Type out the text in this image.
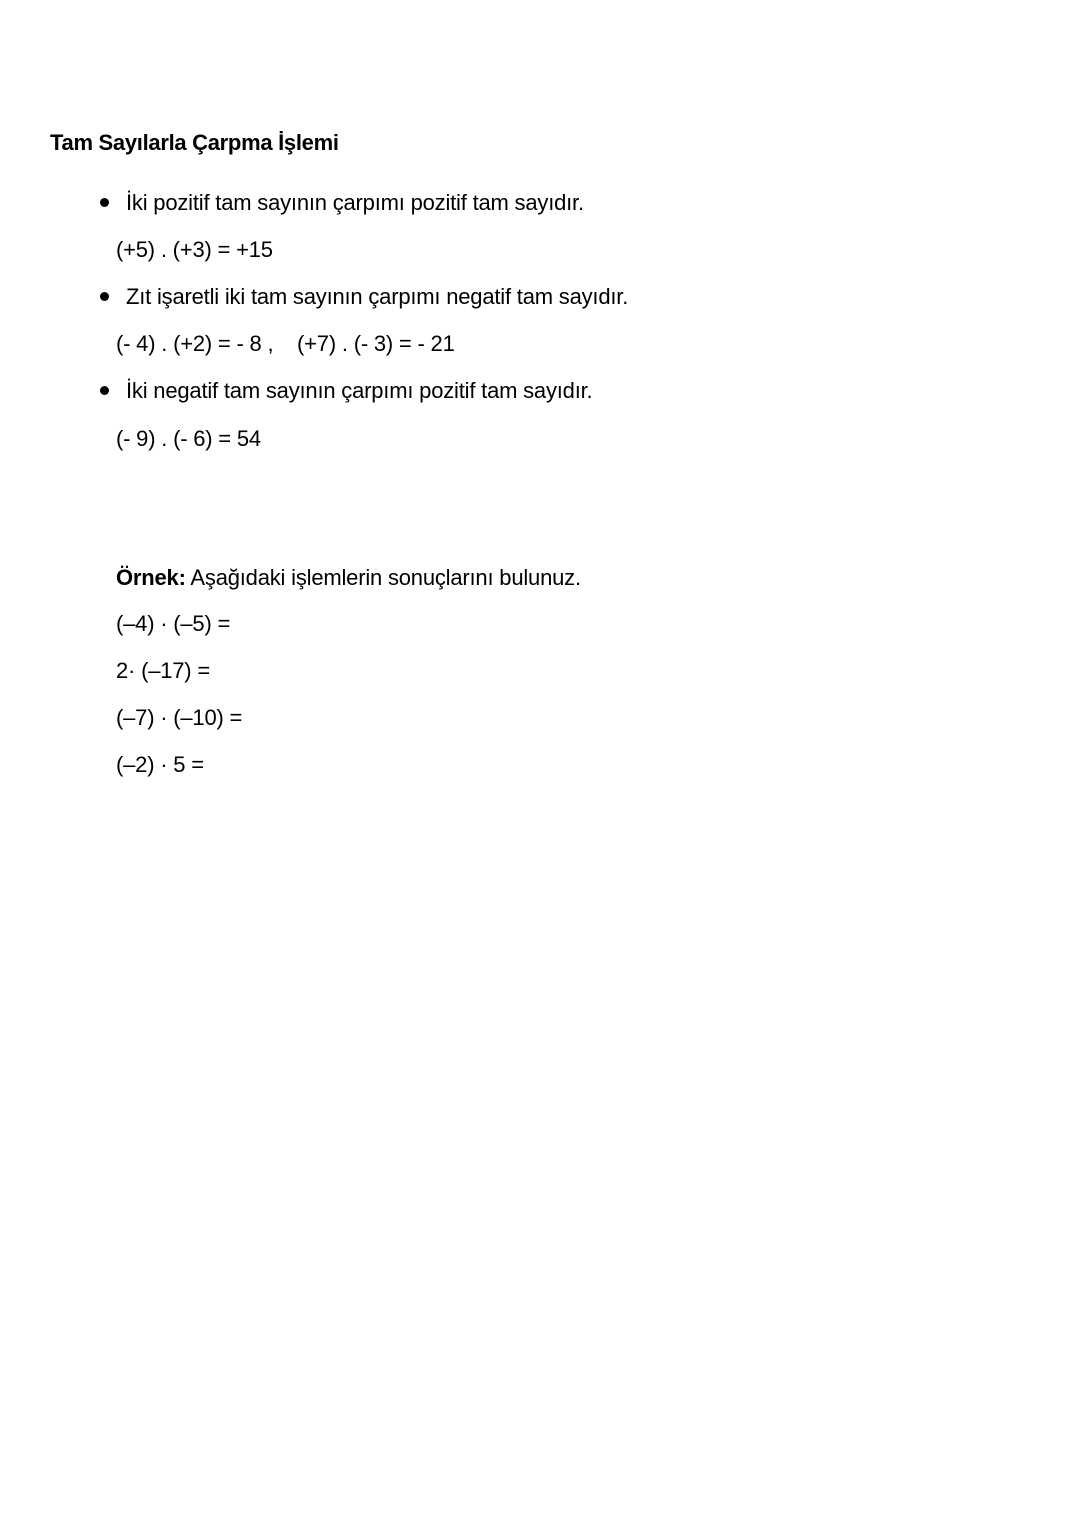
Tam Sayılarla Çarpma İşlemi
İki pozitif tam sayının çarpımı pozitif tam sayıdır.
(+5) . (+3) = +15
Zıt işaretli iki tam sayının çarpımı negatif tam sayıdır.
(- 4) . (+2) = - 8 ,    (+7) . (- 3) = - 21
İki negatif tam sayının çarpımı pozitif tam sayıdır.
(- 9) . (- 6) = 54
Örnek: Aşağıdaki işlemlerin sonuçlarını bulunuz.
(–4) · (–5) =
2· (–17) =
(–7) · (–10) =
(–2) · 5 =
